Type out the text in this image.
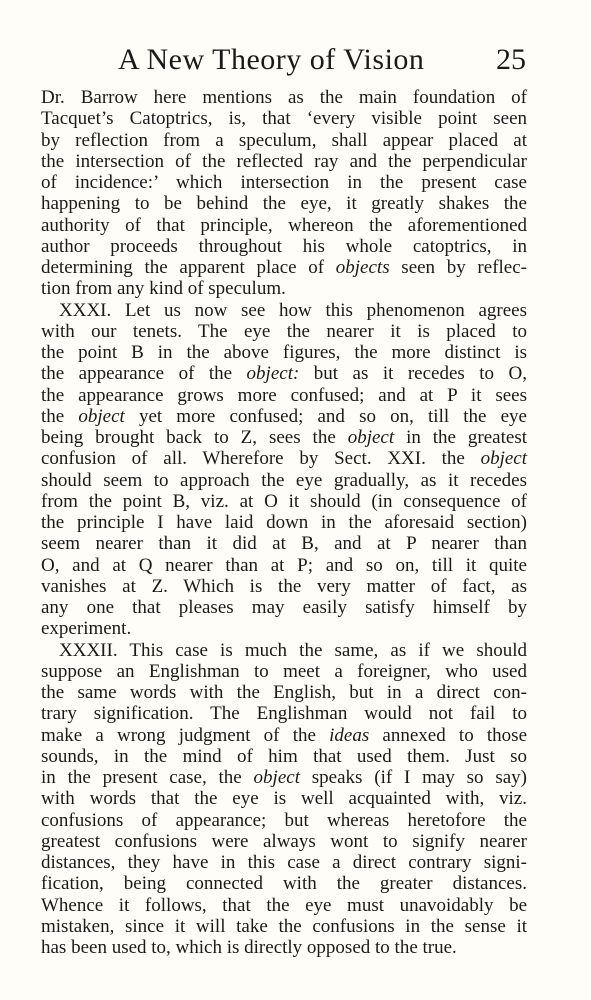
A New Theory of Vision 25
Dr. Barrow here mentions as the main foundation of
Tacquet’s Catoptrics, is, that ‘every visible point seen
by reflection from a speculum, shall appear placed at
the intersection of the reflected ray and the perpendicular
of incidence:’ which intersection in the present case
happening to be behind the eye, it greatly shakes the
authority of that principle, whereon the aforementioned
author proceeds throughout his whole catoptrics, in
determining the apparent place of objects seen by reflec-
tion from any kind of speculum.
XXXI. Let us now see how this phenomenon agrees
with our tenets. The eye the nearer it is placed to
the point B in the above figures, the more distinct is
the appearance of the object: but as it recedes to O,
the appearance grows more confused; and at P it sees
the object yet more confused; and so on, till the eye
being brought back to Z, sees the object in the greatest
confusion of all. Wherefore by Sect. XXI. the object
should seem to approach the eye gradually, as it recedes
from the point B, viz. at O it should (in consequence of
the principle I have laid down in the aforesaid section)
seem nearer than it did at B, and at P nearer than
O, and at Q nearer than at P; and so on, till it quite
vanishes at Z. Which is the very matter of fact, as
any one that pleases may easily satisfy himself by
experiment.
XXXII. This case is much the same, as if we should
suppose an Englishman to meet a foreigner, who used
the same words with the English, but in a direct con-
trary signification. The Englishman would not fail to
make a wrong judgment of the ideas annexed to those
sounds, in the mind of him that used them. Just so
in the present case, the object speaks (if I may so say)
with words that the eye is well acquainted with, viz.
confusions of appearance; but whereas heretofore the
greatest confusions were always wont to signify nearer
distances, they have in this case a direct contrary signi-
fication, being connected with the greater distances.
Whence it follows, that the eye must unavoidably be
mistaken, since it will take the confusions in the sense it
has been used to, which is directly opposed to the true.
